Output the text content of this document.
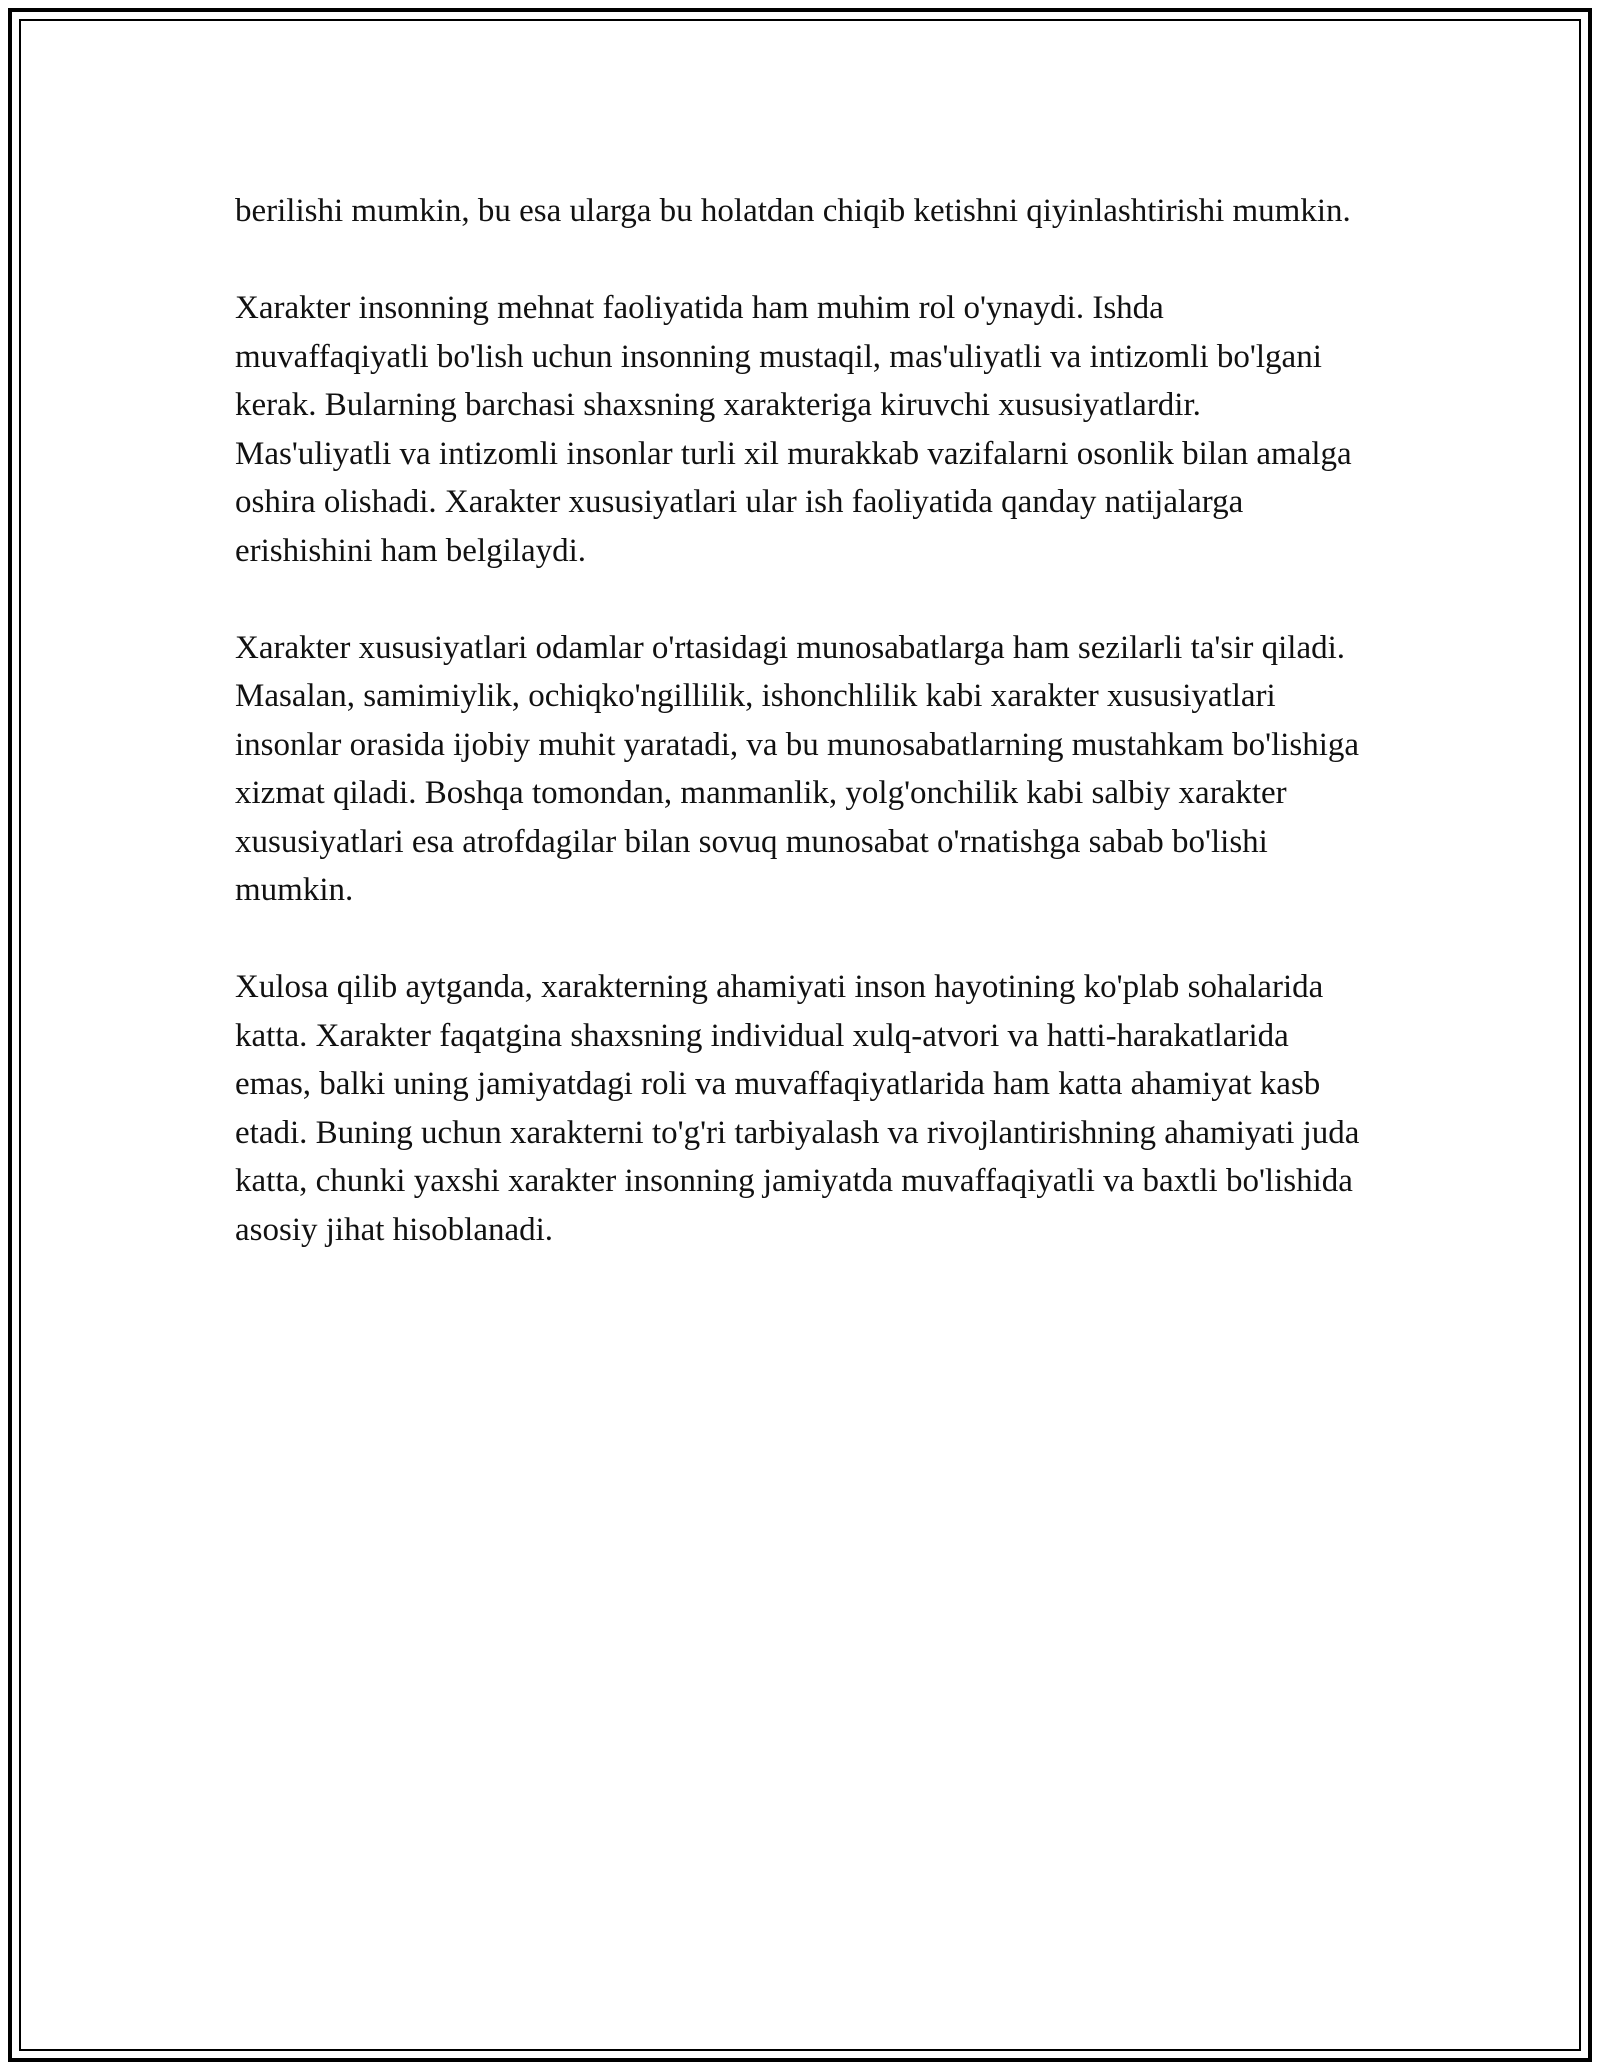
berilishi mumkin, bu esa ularga bu holatdan chiqib ketishni qiyinlashtirishi mumkin.

Xarakter insonning mehnat faoliyatida ham muhim rol o'ynaydi. Ishda muvaffaqiyatli bo'lish uchun insonning mustaqil, mas'uliyatli va intizomli bo'lgani kerak. Bularning barchasi shaxsning xarakteriga kiruvchi xususiyatlardir. Mas'uliyatli va intizomli insonlar turli xil murakkab vazifalarni osonlik bilan amalga oshira olishadi. Xarakter xususiyatlari ular ish faoliyatida qanday natijalarga erishishini ham belgilaydi.

Xarakter xususiyatlari odamlar o'rtasidagi munosabatlarga ham sezilarli ta'sir qiladi. Masalan, samimiylik, ochiqko'ngillilik, ishonchlilik kabi xarakter xususiyatlari insonlar orasida ijobiy muhit yaratadi, va bu munosabatlarning mustahkam bo'lishiga xizmat qiladi. Boshqa tomondan, manmanlik, yolg'onchilik kabi salbiy xarakter xususiyatlari esa atrofdagilar bilan sovuq munosabat o'rnatishga sabab bo'lishi mumkin.

Xulosa qilib aytganda, xarakterning ahamiyati inson hayotining ko'plab sohalarida katta. Xarakter faqatgina shaxsning individual xulq-atvori va hatti-harakatlarida emas, balki uning jamiyatdagi roli va muvaffaqiyatlarida ham katta ahamiyat kasb etadi. Buning uchun xarakterni to'g'ri tarbiyalash va rivojlantirishning ahamiyati juda katta, chunki yaxshi xarakter insonning jamiyatda muvaffaqiyatli va baxtli bo'lishida asosiy jihat hisoblanadi.
